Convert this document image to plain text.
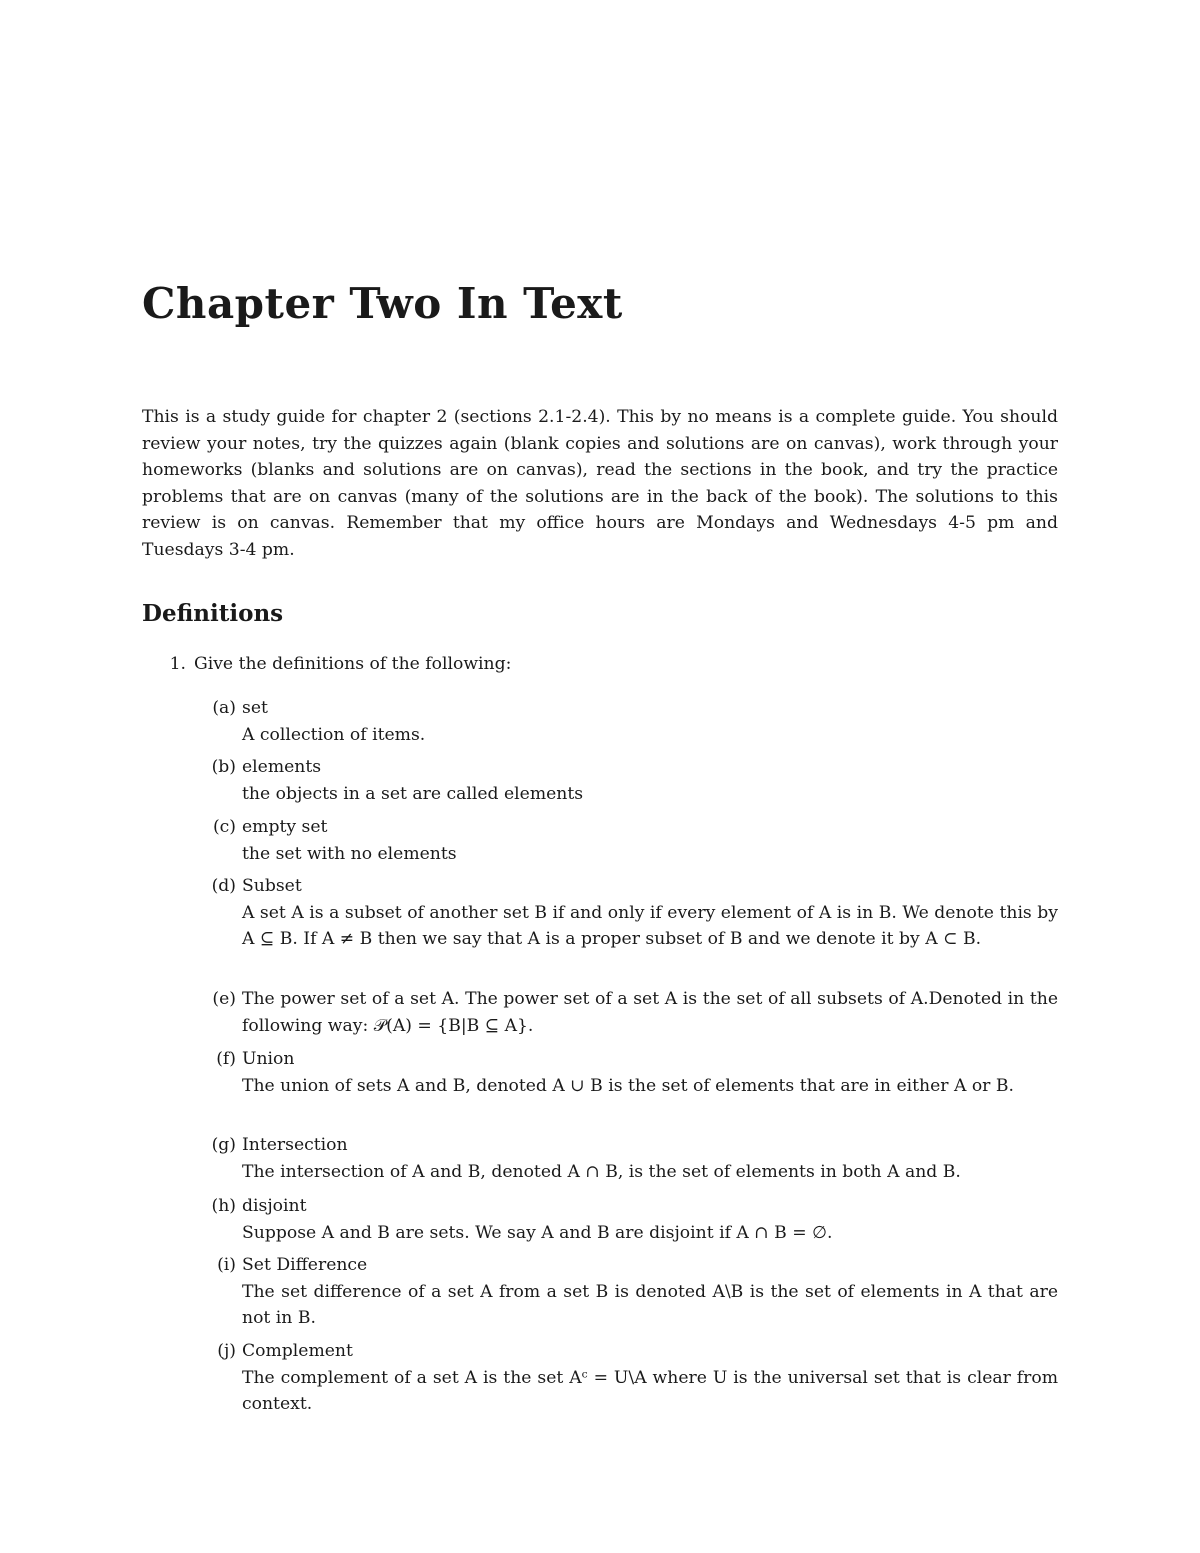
Chapter Two In Text

This is a study guide for chapter 2 (sections 2.1-2.4). This by no means is a complete guide. You should review your notes, try the quizzes again (blank copies and solutions are on canvas), work through your homeworks (blanks and solutions are on canvas), read the sections in the book, and try the practice problems that are on canvas (many of the solutions are in the back of the book). The solutions to this review is on canvas. Remember that my office hours are Mondays and Wednesdays 4-5 pm and Tuesdays 3-4 pm.

Definitions
1. Give the definitions of the following:
(a) set

A collection of items.

(b) elements

the objects in a set are called elements

(c) empty set

the set with no elements

(d) Subset

A set A is a subset of another set B if and only if every element of A is in B. We denote this by A ⊆ B. If A ≠ B then we say that A is a proper subset of B and we denote it by A ⊂ B.

(e) The power set of a set A. The power set of a set A is the set of all subsets of A.Denoted in the following way: 𝒫(A) = {B|B ⊆ A}.

(f) Union

The union of sets A and B, denoted A ∪ B is the set of elements that are in either A or B.

(g) Intersection

The intersection of A and B, denoted A ∩ B, is the set of elements in both A and B.

(h) disjoint

Suppose A and B are sets. We say A and B are disjoint if A ∩ B = ∅.

(i) Set Difference

The set difference of a set A from a set B is denoted A\B is the set of elements in A that are not in B.

(j) Complement

The complement of a set A is the set Aᶜ = U\A where U is the universal set that is clear from context.
